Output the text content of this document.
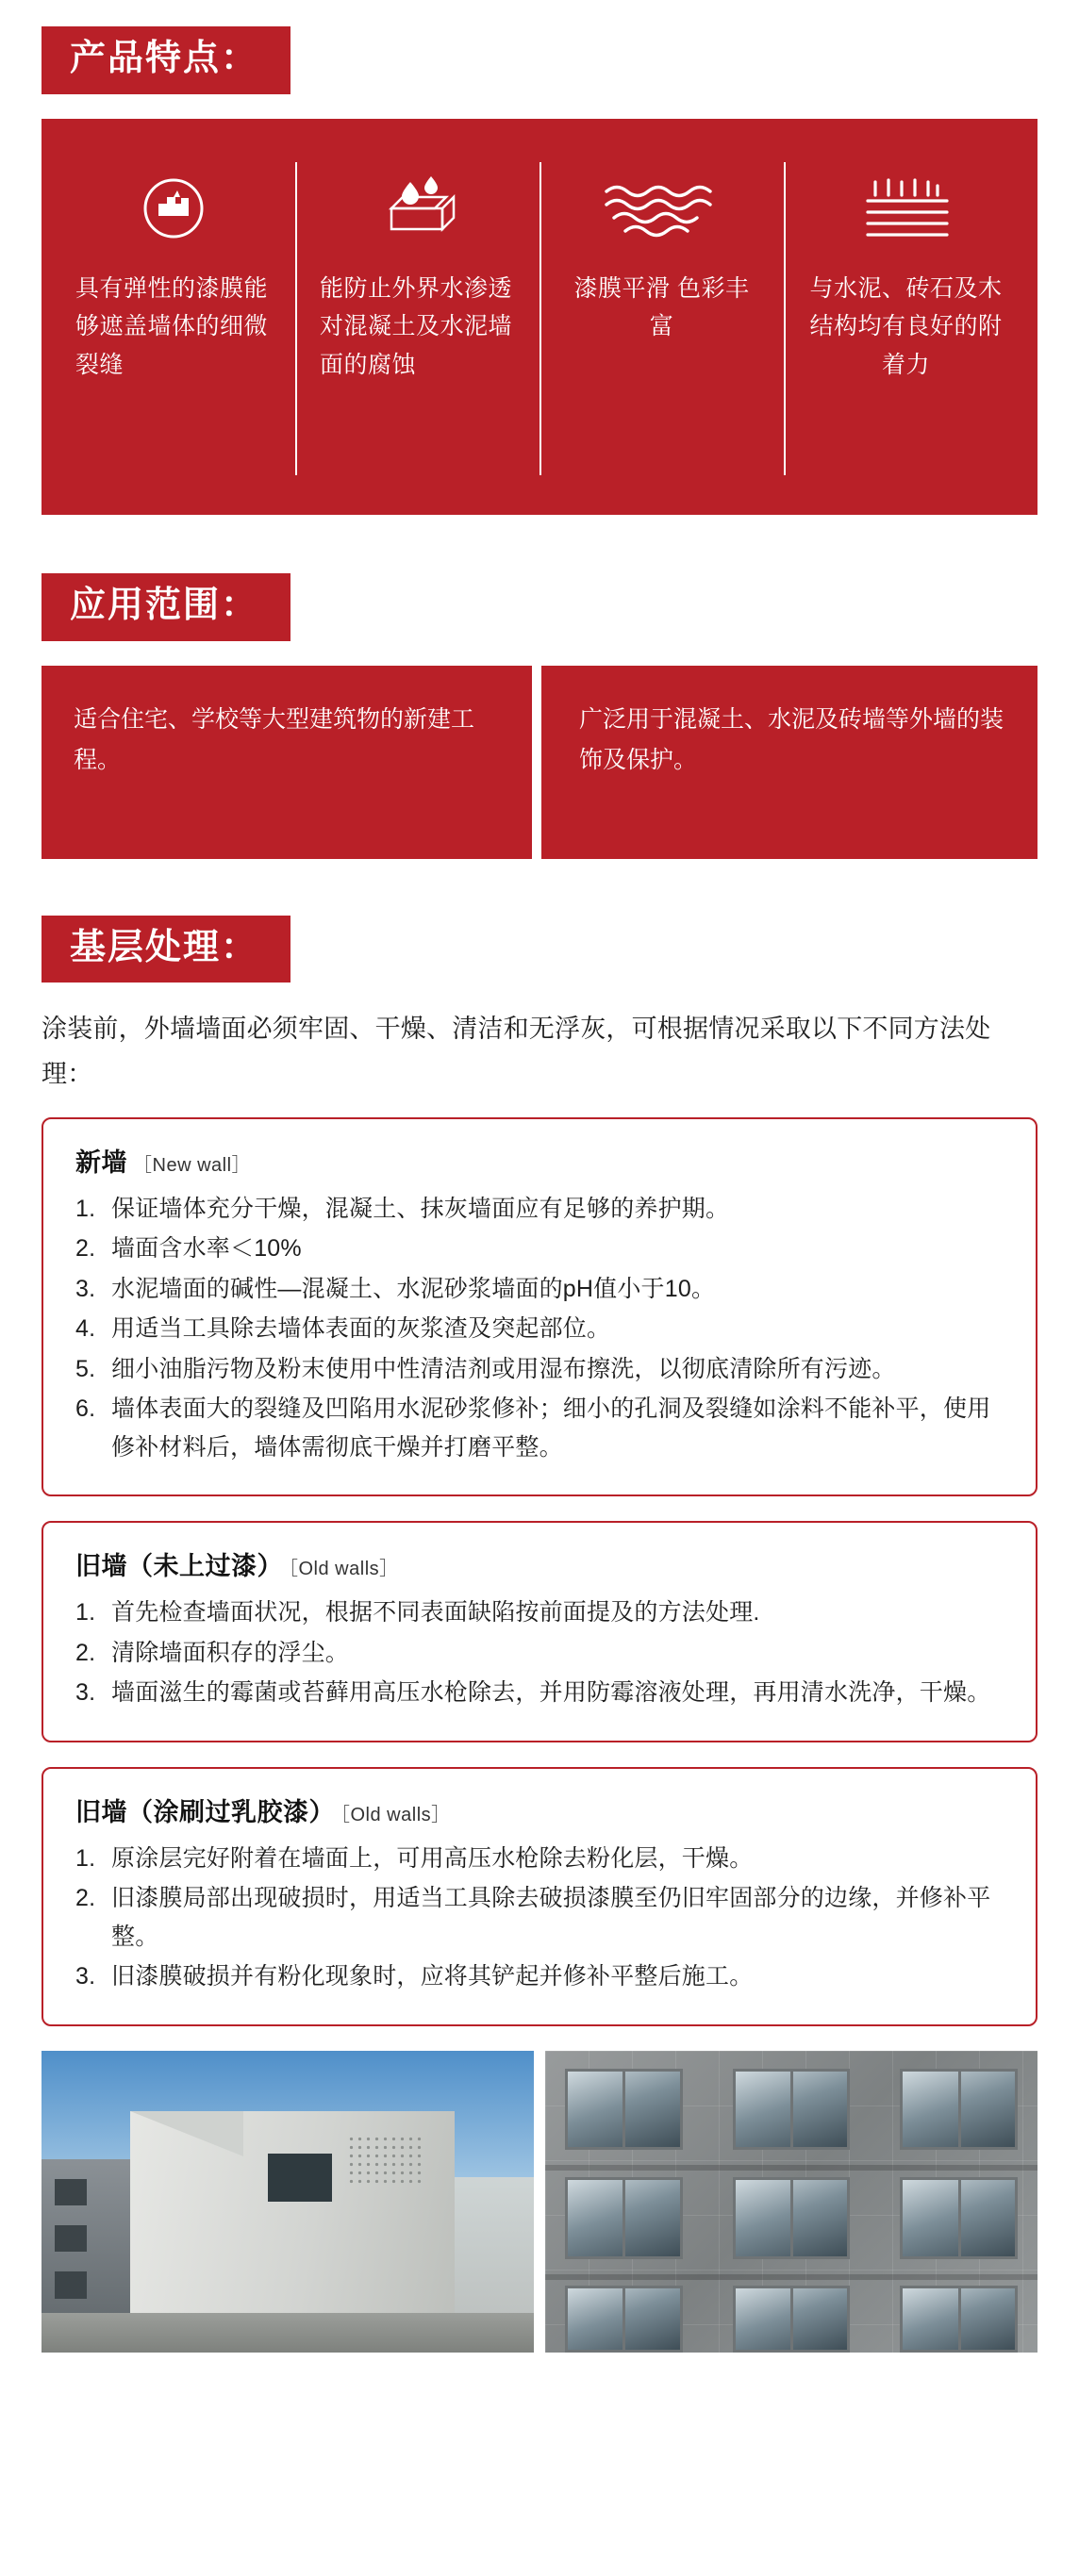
产品特点：
具有弹性的漆膜能够遮盖墙体的细微裂缝
能防止外界水渗透对混凝土及水泥墙面的腐蚀
漆膜平滑 色彩丰富
与水泥、砖石及木结构均有良好的附着力
应用范围：
适合住宅、学校等大型建筑物的新建工程。
广泛用于混凝土、水泥及砖墙等外墙的装饰及保护。
基层处理：

涂装前，外墙墙面必须牢固、干燥、清洁和无浮灰，可根据情况采取以下不同方法处理：

新墙 ［New wall］
保证墙体充分干燥，混凝土、抹灰墙面应有足够的养护期。
墙面含水率＜10%
水泥墙面的碱性—混凝土、水泥砂浆墙面的pH值小于10。
用适当工具除去墙体表面的灰浆渣及突起部位。
细小油脂污物及粉末使用中性清洁剂或用湿布擦洗，以彻底清除所有污迹。
墙体表面大的裂缝及凹陷用水泥砂浆修补；细小的孔洞及裂缝如涂料不能补平，使用修补材料后，墙体需彻底干燥并打磨平整。
旧墙（未上过漆） ［Old walls］
首先检查墙面状况，根据不同表面缺陷按前面提及的方法处理.
清除墙面积存的浮尘。
墙面滋生的霉菌或苔藓用高压水枪除去，并用防霉溶液处理，再用清水洗净，干燥。
旧墙（涂刷过乳胶漆） ［Old walls］
原涂层完好附着在墙面上，可用高压水枪除去粉化层，干燥。
旧漆膜局部出现破损时，用适当工具除去破损漆膜至仍旧牢固部分的边缘，并修补平整。
旧漆膜破损并有粉化现象时，应将其铲起并修补平整后施工。
